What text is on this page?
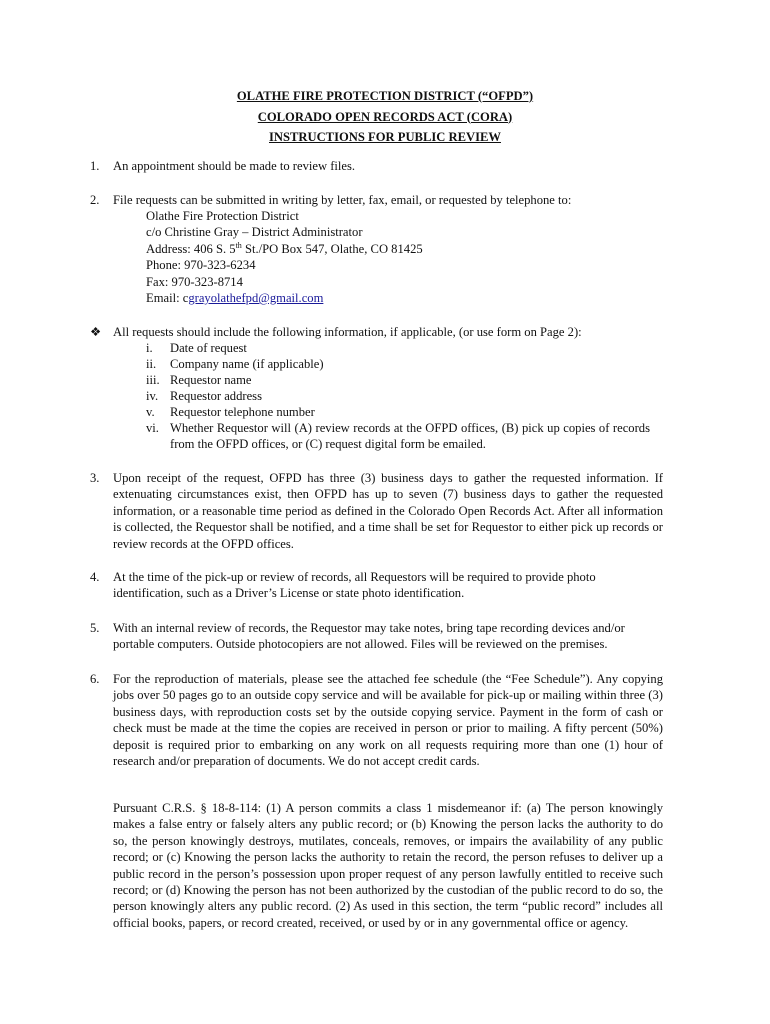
OLATHE FIRE PROTECTION DISTRICT (“OFPD”)
COLORADO OPEN RECORDS ACT (CORA)
INSTRUCTIONS FOR PUBLIC REVIEW
1. An appointment should be made to review files.
2. File requests can be submitted in writing by letter, fax, email, or requested by telephone to:
Olathe Fire Protection District
c/o Christine Gray – District Administrator
Address: 406 S. 5th St./PO Box 547, Olathe, CO 81425
Phone: 970-323-6234
Fax: 970-323-8714
Email: cgrayolathefpd@gmail.com
❖ All requests should include the following information, if applicable, (or use form on Page 2):
i. Date of request
ii. Company name (if applicable)
iii. Requestor name
iv. Requestor address
v. Requestor telephone number
vi. Whether Requestor will (A) review records at the OFPD offices, (B) pick up copies of records from the OFPD offices, or (C) request digital form be emailed.
3. Upon receipt of the request, OFPD has three (3) business days to gather the requested information. If extenuating circumstances exist, then OFPD has up to seven (7) business days to gather the requested information, or a reasonable time period as defined in the Colorado Open Records Act. After all information is collected, the Requestor shall be notified, and a time shall be set for Requestor to either pick up records or review records at the OFPD offices.
4. At the time of the pick-up or review of records, all Requestors will be required to provide photo identification, such as a Driver’s License or state photo identification.
5. With an internal review of records, the Requestor may take notes, bring tape recording devices and/or portable computers. Outside photocopiers are not allowed. Files will be reviewed on the premises.
6. For the reproduction of materials, please see the attached fee schedule (the “Fee Schedule”). Any copying jobs over 50 pages go to an outside copy service and will be available for pick-up or mailing within three (3) business days, with reproduction costs set by the outside copying service. Payment in the form of cash or check must be made at the time the copies are received in person or prior to mailing. A fifty percent (50%) deposit is required prior to embarking on any work on all requests requiring more than one (1) hour of research and/or preparation of documents. We do not accept credit cards.
Pursuant C.R.S. § 18-8-114: (1) A person commits a class 1 misdemeanor if: (a) The person knowingly makes a false entry or falsely alters any public record; or (b) Knowing the person lacks the authority to do so, the person knowingly destroys, mutilates, conceals, removes, or impairs the availability of any public record; or (c) Knowing the person lacks the authority to retain the record, the person refuses to deliver up a public record in the person’s possession upon proper request of any person lawfully entitled to receive such record; or (d) Knowing the person has not been authorized by the custodian of the public record to do so, the person knowingly alters any public record. (2) As used in this section, the term “public record” includes all official books, papers, or record created, received, or used by or in any governmental office or agency.
